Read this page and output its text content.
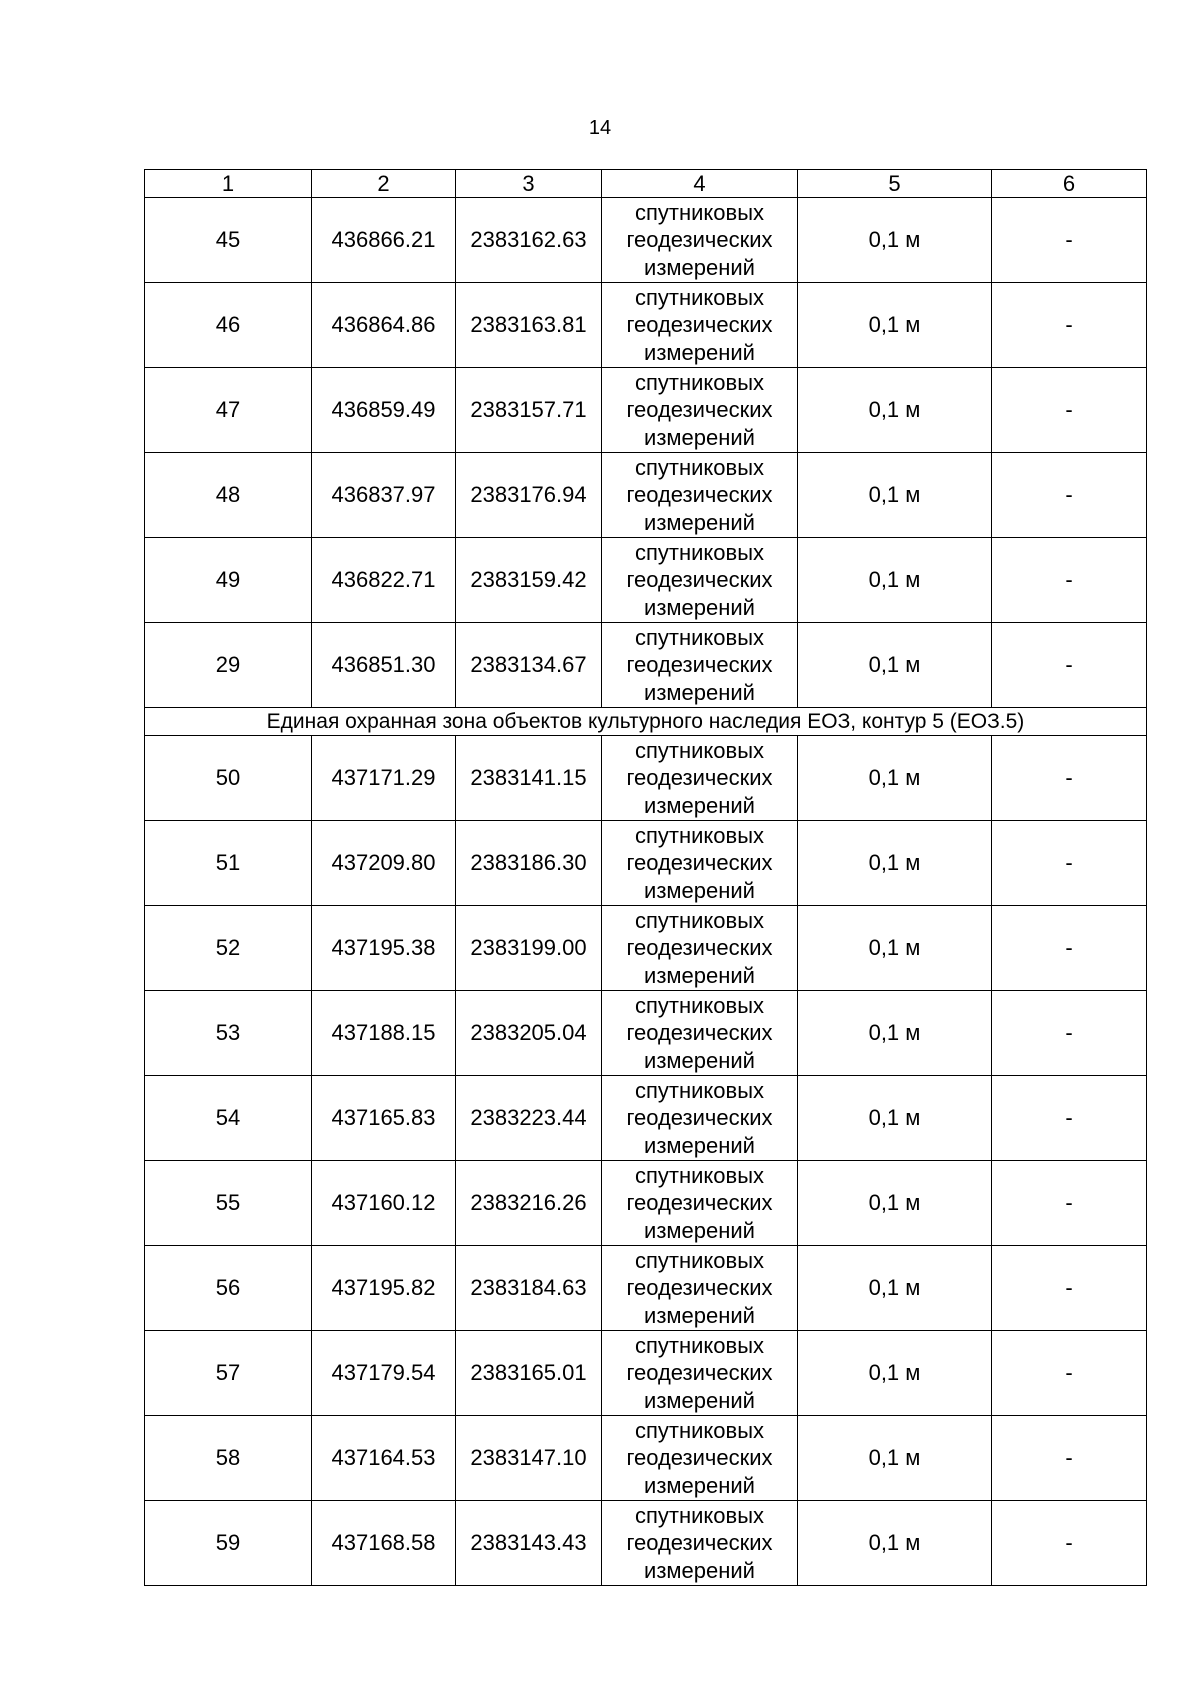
14
1	2	3	4	5	6
45	436866.21	2383162.63	спутниковых
геодезических
измерений	0,1 м	-
46	436864.86	2383163.81	спутниковых
геодезических
измерений	0,1 м	-
47	436859.49	2383157.71	спутниковых
геодезических
измерений	0,1 м	-
48	436837.97	2383176.94	спутниковых
геодезических
измерений	0,1 м	-
49	436822.71	2383159.42	спутниковых
геодезических
измерений	0,1 м	-
29	436851.30	2383134.67	спутниковых
геодезических
измерений	0,1 м	-
Единая охранная зона объектов культурного наследия ЕОЗ, контур 5 (ЕОЗ.5)					
50	437171.29	2383141.15	спутниковых
геодезических
измерений	0,1 м	-
51	437209.80	2383186.30	спутниковых
геодезических
измерений	0,1 м	-
52	437195.38	2383199.00	спутниковых
геодезических
измерений	0,1 м	-
53	437188.15	2383205.04	спутниковых
геодезических
измерений	0,1 м	-
54	437165.83	2383223.44	спутниковых
геодезических
измерений	0,1 м	-
55	437160.12	2383216.26	спутниковых
геодезических
измерений	0,1 м	-
56	437195.82	2383184.63	спутниковых
геодезических
измерений	0,1 м	-
57	437179.54	2383165.01	спутниковых
геодезических
измерений	0,1 м	-
58	437164.53	2383147.10	спутниковых
геодезических
измерений	0,1 м	-
59	437168.58	2383143.43	спутниковых
геодезических
измерений	0,1 м	-
